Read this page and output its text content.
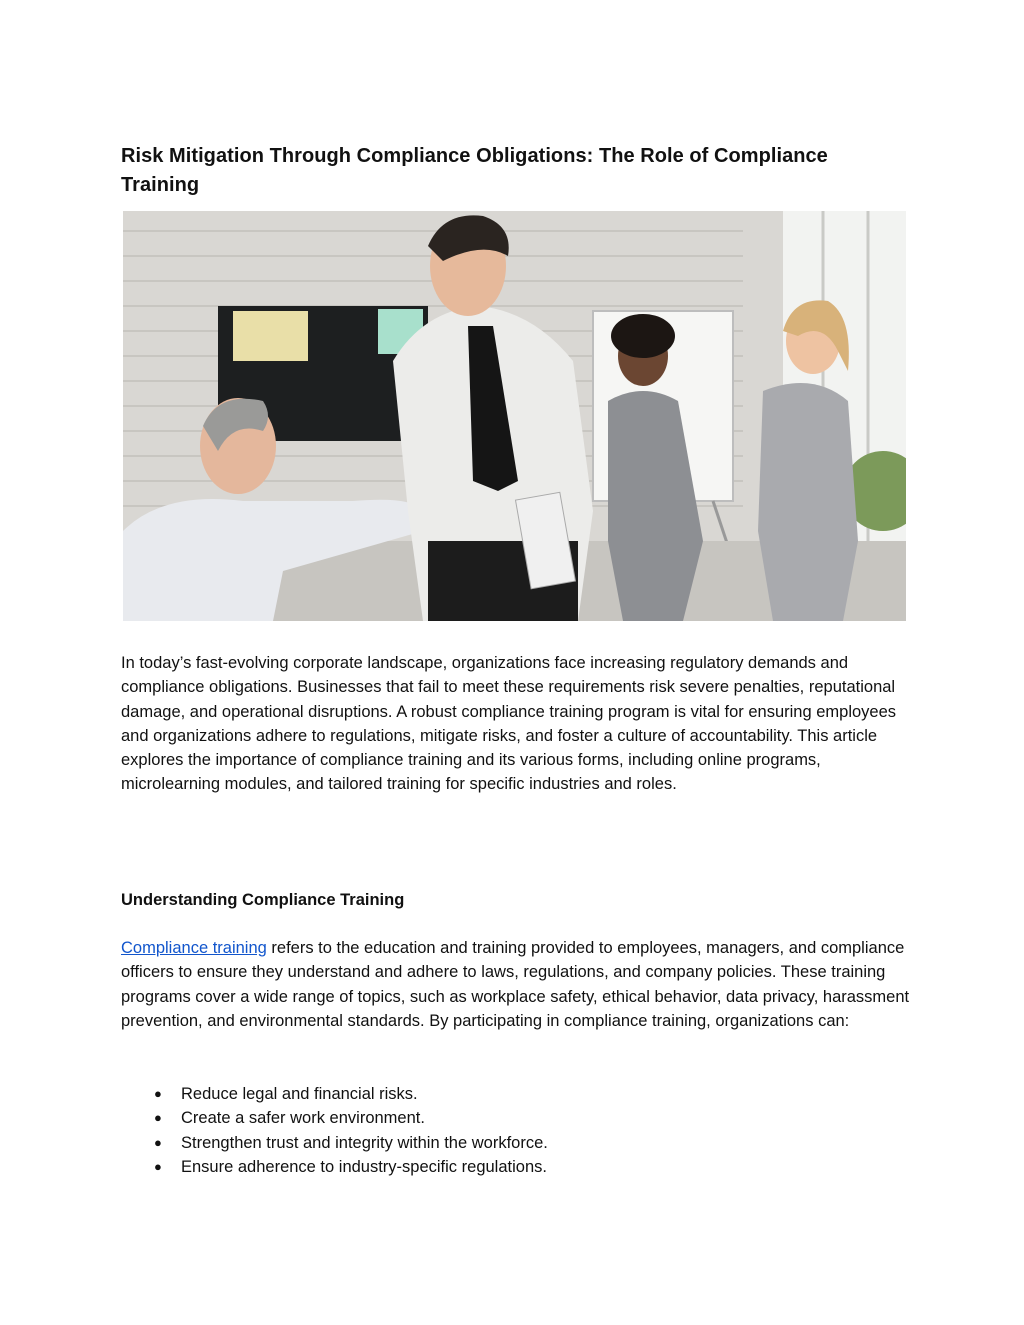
Risk Mitigation Through Compliance Obligations: The Role of Compliance Training

In today’s fast-evolving corporate landscape, organizations face increasing regulatory demands and compliance obligations. Businesses that fail to meet these requirements risk severe penalties, reputational damage, and operational disruptions. A robust compliance training program is vital for ensuring employees and organizations adhere to regulations, mitigate risks, and foster a culture of accountability. This article explores the importance of compliance training and its various forms, including online programs, microlearning modules, and tailored training for specific industries and roles.

Understanding Compliance Training

Compliance training refers to the education and training provided to employees, managers, and compliance officers to ensure they understand and adhere to laws, regulations, and company policies. These training programs cover a wide range of topics, such as workplace safety, ethical behavior, data privacy, harassment prevention, and environmental standards. By participating in compliance training, organizations can:

● Reduce legal and financial risks.
● Create a safer work environment.
● Strengthen trust and integrity within the workforce.
● Ensure adherence to industry-specific regulations.
